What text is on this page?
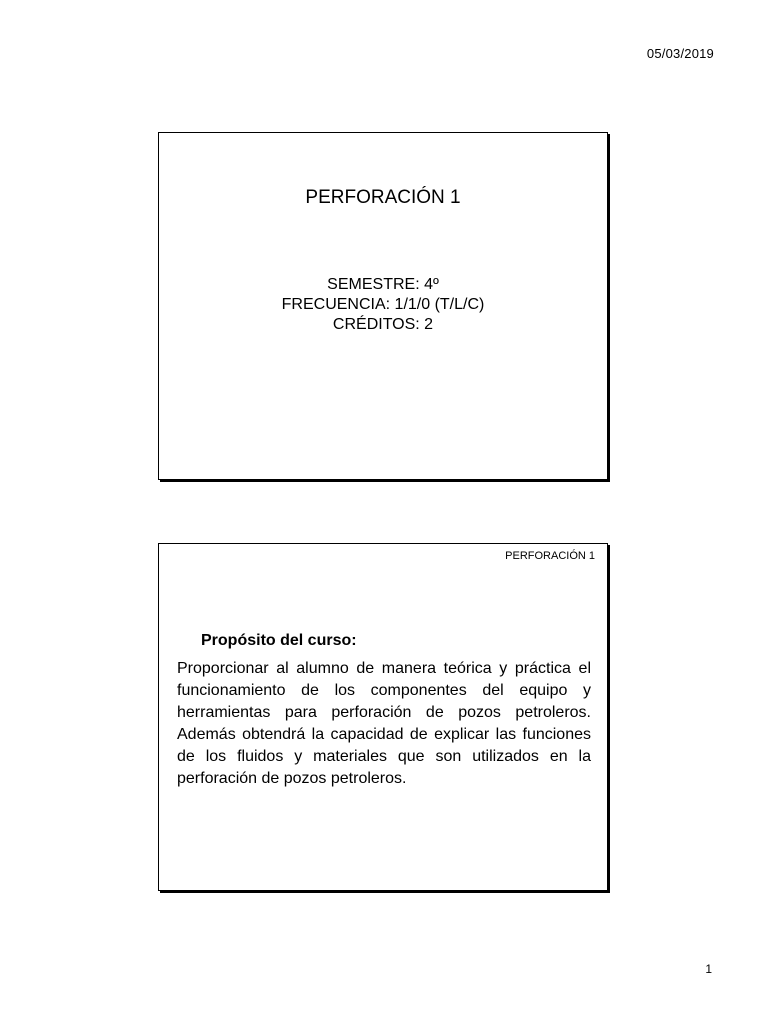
05/03/2019
PERFORACIÓN 1
SEMESTRE: 4º
FRECUENCIA: 1/1/0 (T/L/C)
CRÉDITOS: 2
PERFORACIÓN 1
Propósito del curso:
Proporcionar al alumno de manera teórica y práctica el funcionamiento de los componentes del equipo y herramientas para perforación de pozos petroleros. Además obtendrá la capacidad de explicar las funciones de los fluidos y materiales que son utilizados en la perforación de pozos petroleros.
1
